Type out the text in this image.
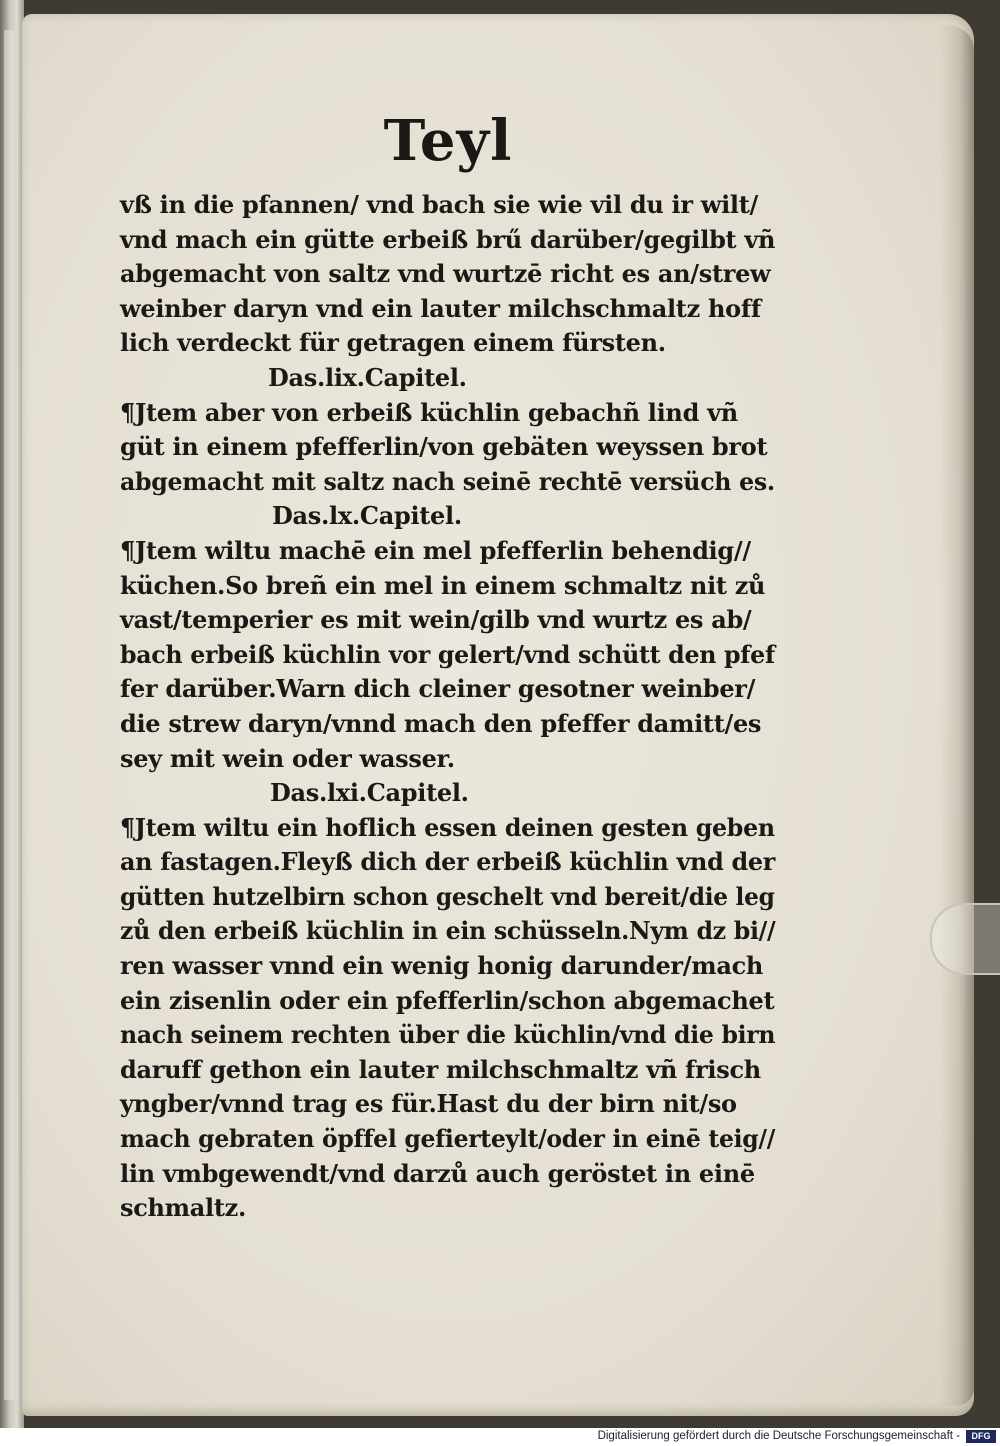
Teyl
vß in die pfannen/ vnd bach sie wie vil du ir wilt/
vnd mach ein gütte erbeiß brű darüber/gegilbt vñ
abgemacht von saltz vnd wurtzē richt es an/strew
weinber daryn vnd ein lauter milchschmaltz hoff
lich verdeckt für getragen einem fürsten.
Das.lix.Capitel.
¶Jtem aber von erbeiß küchlin gebachñ lind vñ
güt in einem pfefferlin/von gebäten weyssen brot
abgemacht mit saltz nach seinē rechtē versüch es.
Das.lx.Capitel.
¶Jtem wiltu machē ein mel pfefferlin behendig//
küchen.So breñ ein mel in einem schmaltz nit zů
vast/temperier es mit wein/gilb vnd wurtz es ab/
bach erbeiß küchlin vor gelert/vnd schütt den pfef
fer darüber.Warn dich cleiner gesotner weinber/
die strew daryn/vnnd mach den pfeffer damitt/es
sey mit wein oder wasser.
Das.lxi.Capitel.
¶Jtem wiltu ein hoflich essen deinen gesten geben
an fastagen.Fleyß dich der erbeiß küchlin vnd der
gütten hutzelbirn schon geschelt vnd bereit/die leg
zů den erbeiß küchlin in ein schüsseln.Nym dz bi//
ren wasser vnnd ein wenig honig darunder/mach
ein zisenlin oder ein pfefferlin/schon abgemachet
nach seinem rechten über die küchlin/vnd die birn
daruff gethon ein lauter milchschmaltz vñ frisch
yngber/vnnd trag es für.Hast du der birn nit/so
mach gebraten öpffel gefierteylt/oder in einē teig//
lin vmbgewendt/vnd darzů auch geröstet in einē
schmaltz.
Digitalisierung gefördert durch die Deutsche Forschungsgemeinschaft -	DFG
